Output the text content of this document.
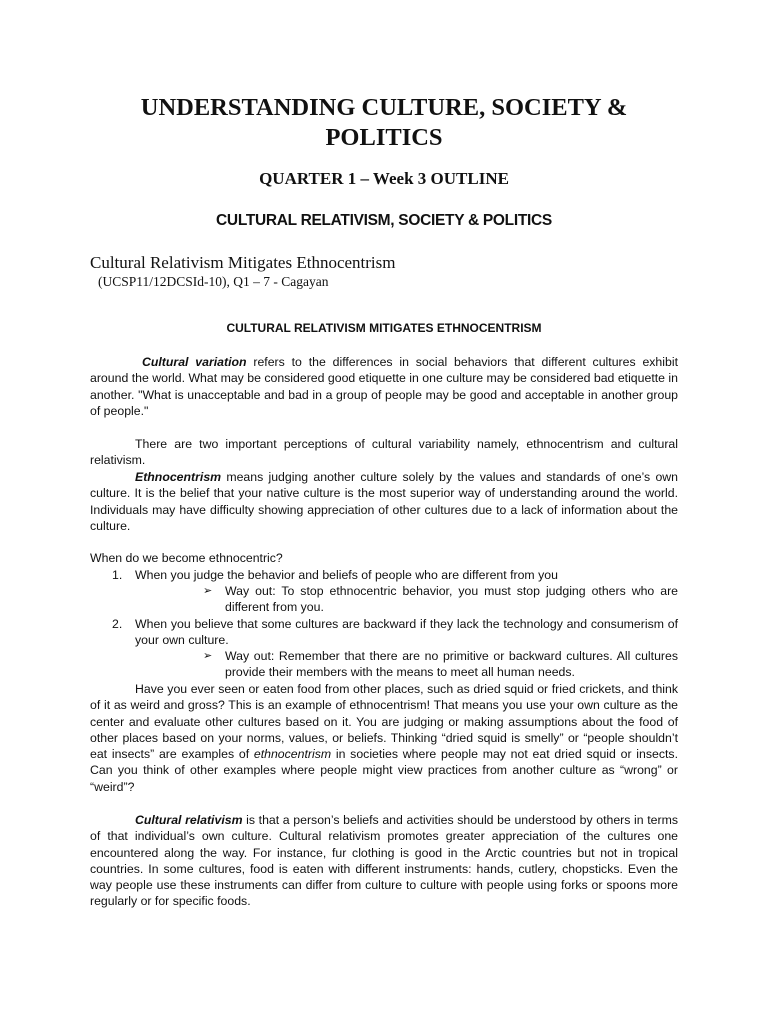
UNDERSTANDING CULTURE, SOCIETY & POLITICS
QUARTER 1 – Week 3 OUTLINE
CULTURAL RELATIVISM, SOCIETY & POLITICS

Cultural Relativism Mitigates Ethnocentrism

(UCSP11/12DCSId-10), Q1 – 7 - Cagayan

CULTURAL RELATIVISM MITIGATES ETHNOCENTRISM

Cultural variation refers to the differences in social behaviors that different cultures exhibit around the world. What may be considered good etiquette in one culture may be considered bad etiquette in another. "What is unacceptable and bad in a group of people may be good and acceptable in another group of people."

There are two important perceptions of cultural variability namely, ethnocentrism and cultural relativism.

Ethnocentrism means judging another culture solely by the values and standards of one’s own culture. It is the belief that your native culture is the most superior way of understanding around the world. Individuals may have difficulty showing appreciation of other cultures due to a lack of information about the culture.

When do we become ethnocentric?

1. When you judge the behavior and beliefs of people who are different from you
➢ Way out: To stop ethnocentric behavior, you must stop judging others who are different from you.
2. When you believe that some cultures are backward if they lack the technology and consumerism of your own culture.
➢ Way out: Remember that there are no primitive or backward cultures. All cultures provide their members with the means to meet all human needs.

Have you ever seen or eaten food from other places, such as dried squid or fried crickets, and think of it as weird and gross? This is an example of ethnocentrism! That means you use your own culture as the center and evaluate other cultures based on it. You are judging or making assumptions about the food of other places based on your norms, values, or beliefs. Thinking “dried squid is smelly” or “people shouldn’t eat insects” are examples of ethnocentrism in societies where people may not eat dried squid or insects. Can you think of other examples where people might view practices from another culture as “wrong” or “weird”?

Cultural relativism is that a person’s beliefs and activities should be understood by others in terms of that individual’s own culture. Cultural relativism promotes greater appreciation of the cultures one encountered along the way. For instance, fur clothing is good in the Arctic countries but not in tropical countries. In some cultures, food is eaten with different instruments: hands, cutlery, chopsticks. Even the way people use these instruments can differ from culture to culture with people using forks or spoons more regularly or for specific foods.
